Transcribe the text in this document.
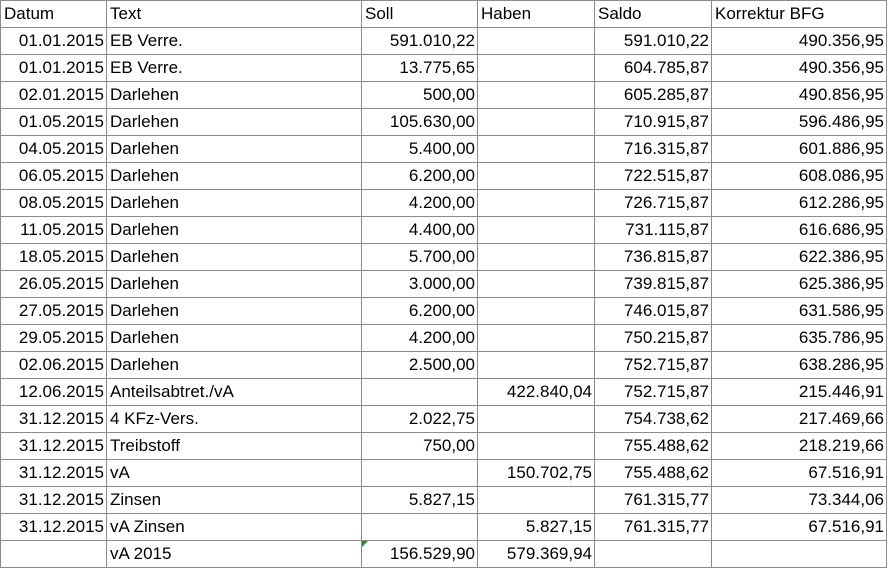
Datum	Text	Soll	Haben	Saldo	Korrektur BFG
01.01.2015	EB Verre.	591.010,22		591.010,22	490.356,95
01.01.2015	EB Verre.	13.775,65		604.785,87	490.356,95
02.01.2015	Darlehen	500,00		605.285,87	490.856,95
01.05.2015	Darlehen	105.630,00		710.915,87	596.486,95
04.05.2015	Darlehen	5.400,00		716.315,87	601.886,95
06.05.2015	Darlehen	6.200,00		722.515,87	608.086,95
08.05.2015	Darlehen	4.200,00		726.715,87	612.286,95
11.05.2015	Darlehen	4.400,00		731.115,87	616.686,95
18.05.2015	Darlehen	5.700,00		736.815,87	622.386,95
26.05.2015	Darlehen	3.000,00		739.815,87	625.386,95
27.05.2015	Darlehen	6.200,00		746.015,87	631.586,95
29.05.2015	Darlehen	4.200,00		750.215,87	635.786,95
02.06.2015	Darlehen	2.500,00		752.715,87	638.286,95
12.06.2015	Anteilsabtret./vA		422.840,04	752.715,87	215.446,91
31.12.2015	4 KFz-Vers.	2.022,75		754.738,62	217.469,66
31.12.2015	Treibstoff	750,00		755.488,62	218.219,66
31.12.2015	vA		150.702,75	755.488,62	67.516,91
31.12.2015	Zinsen	5.827,15		761.315,77	73.344,06
31.12.2015	vA Zinsen		5.827,15	761.315,77	67.516,91
	vA 2015	156.529,90	579.369,94		
